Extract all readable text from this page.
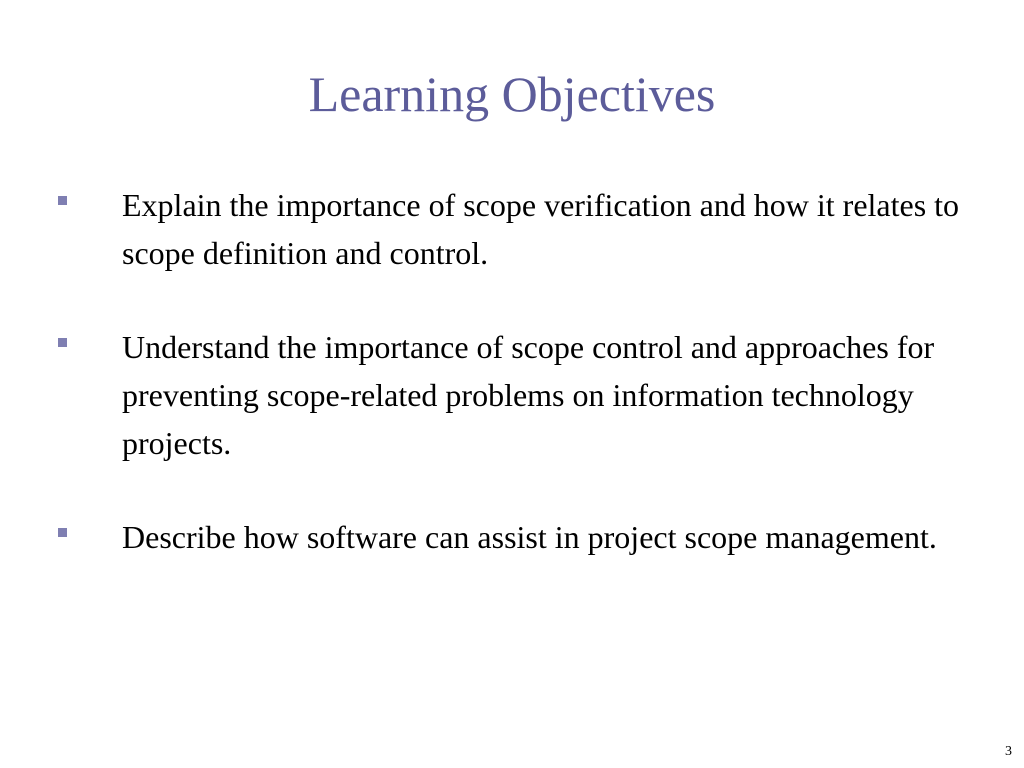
Learning Objectives
Explain the importance of scope verification and how it relates to scope definition and control.
Understand the importance of scope control and approaches for preventing scope-related problems on information technology projects.
Describe how software can assist in project scope management.
3
